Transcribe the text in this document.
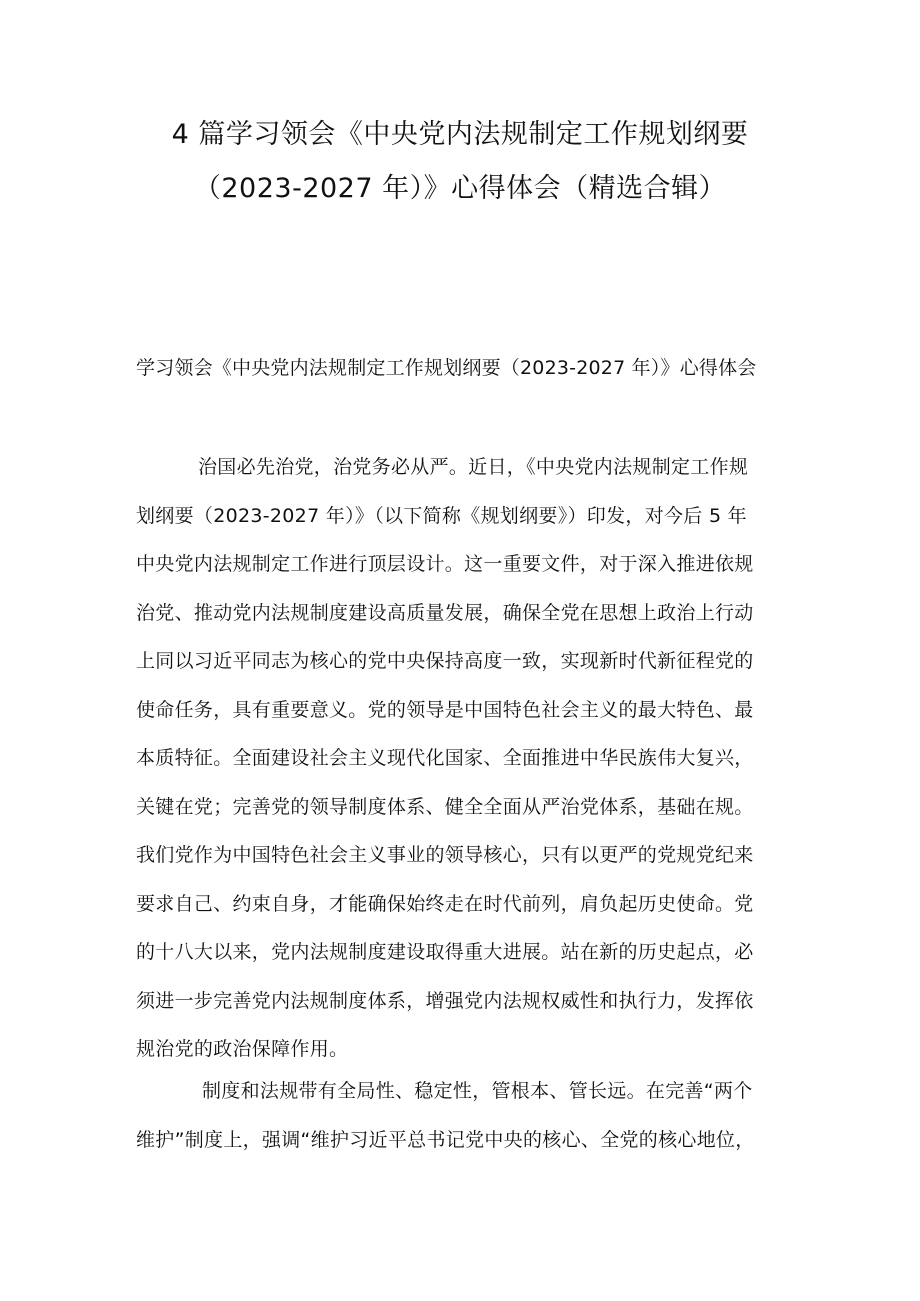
4 篇学习领会《中央党内法规制定工作规划纲要
（2023-2027 年）》心得体会（精选合辑）
学习领会《中央党内法规制定工作规划纲要（2023-2027 年）》心得体会
治国必先治党，治党务必从严。近日，《中央党内法规制定工作规
划纲要（2023-2027 年）》（以下简称《规划纲要》）印发，对今后 5 年
中央党内法规制定工作进行顶层设计。这一重要文件，对于深入推进依规
治党、推动党内法规制度建设高质量发展，确保全党在思想上政治上行动
上同以习近平同志为核心的党中央保持高度一致，实现新时代新征程党的
使命任务，具有重要意义。党的领导是中国特色社会主义的最大特色、最
本质特征。全面建设社会主义现代化国家、全面推进中华民族伟大复兴，
关键在党；完善党的领导制度体系、健全全面从严治党体系，基础在规。
我们党作为中国特色社会主义事业的领导核心，只有以更严的党规党纪来
要求自己、约束自身，才能确保始终走在时代前列，肩负起历史使命。党
的十八大以来，党内法规制度建设取得重大进展。站在新的历史起点，必
须进一步完善党内法规制度体系，增强党内法规权威性和执行力，发挥依
规治党的政治保障作用。
制度和法规带有全局性、稳定性，管根本、管长远。在完善“两个
维护”制度上，强调“维护习近平总书记党中央的核心、全党的核心地位，
